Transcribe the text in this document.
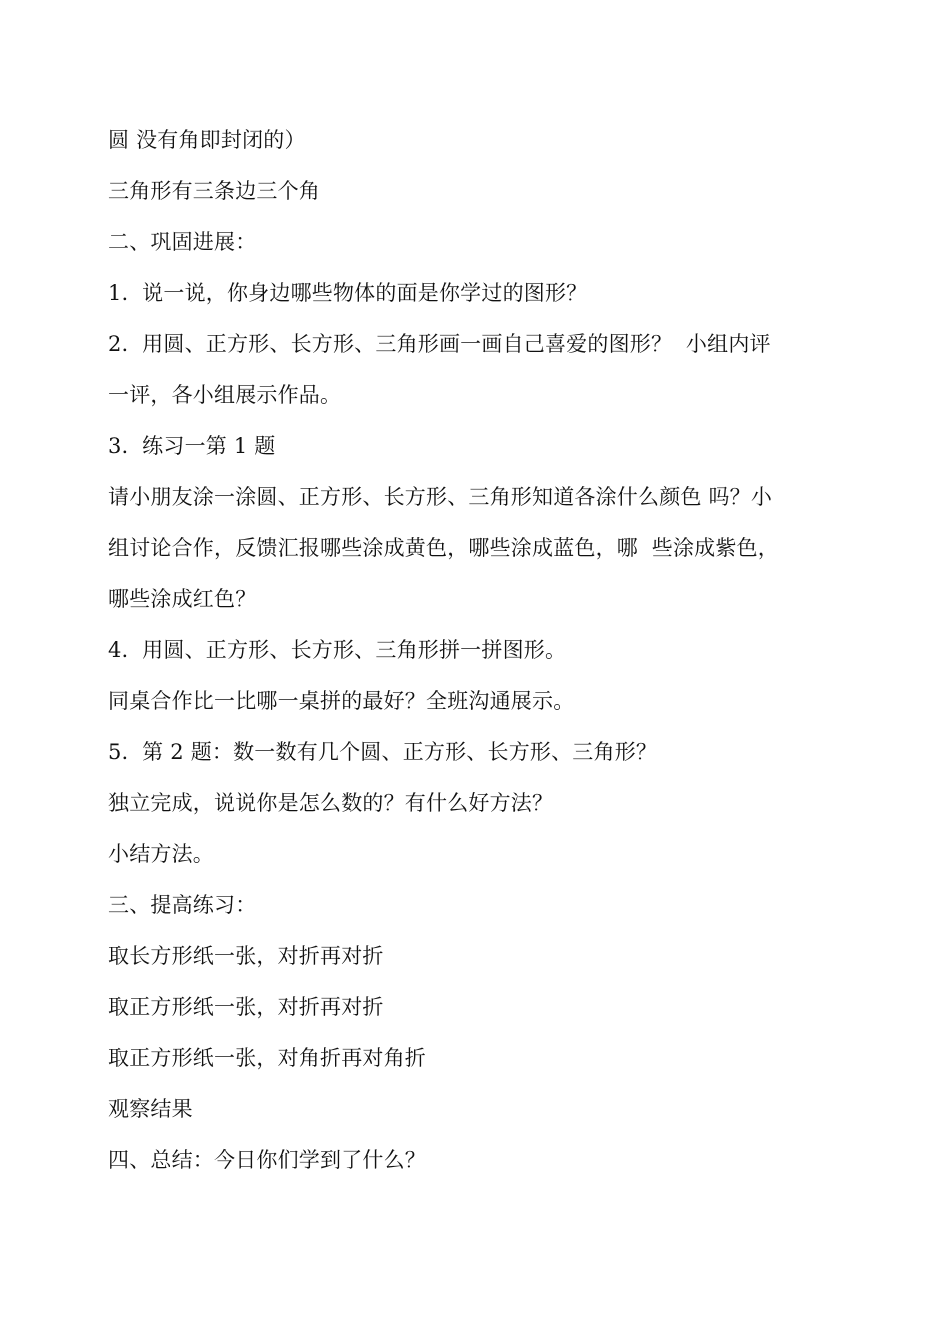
圆 没有角即封闭的）
三角形有三条边三个角
二、巩固进展：
1.  说一说，你身边哪些物体的面是你学过的图形？
2.  用圆、正方形、长方形、三角形画一画自己喜爱的图形？  小组内评
一评，各小组展示作品。
3.  练习一第 1 题
请小朋友涂一涂圆、正方形、长方形、三角形知道各涂什么颜色 吗？小
组讨论合作，反馈汇报哪些涂成黄色，哪些涂成蓝色，哪  些涂成紫色，
哪些涂成红色？
4.  用圆、正方形、长方形、三角形拼一拼图形。
同桌合作比一比哪一桌拼的最好？全班沟通展示。
5.  第 2 题：数一数有几个圆、正方形、长方形、三角形？
独立完成，说说你是怎么数的？有什么好方法？
小结方法。
三、提高练习：
取长方形纸一张，对折再对折
取正方形纸一张，对折再对折
取正方形纸一张，对角折再对角折
观察结果
四、总结：今日你们学到了什么？
